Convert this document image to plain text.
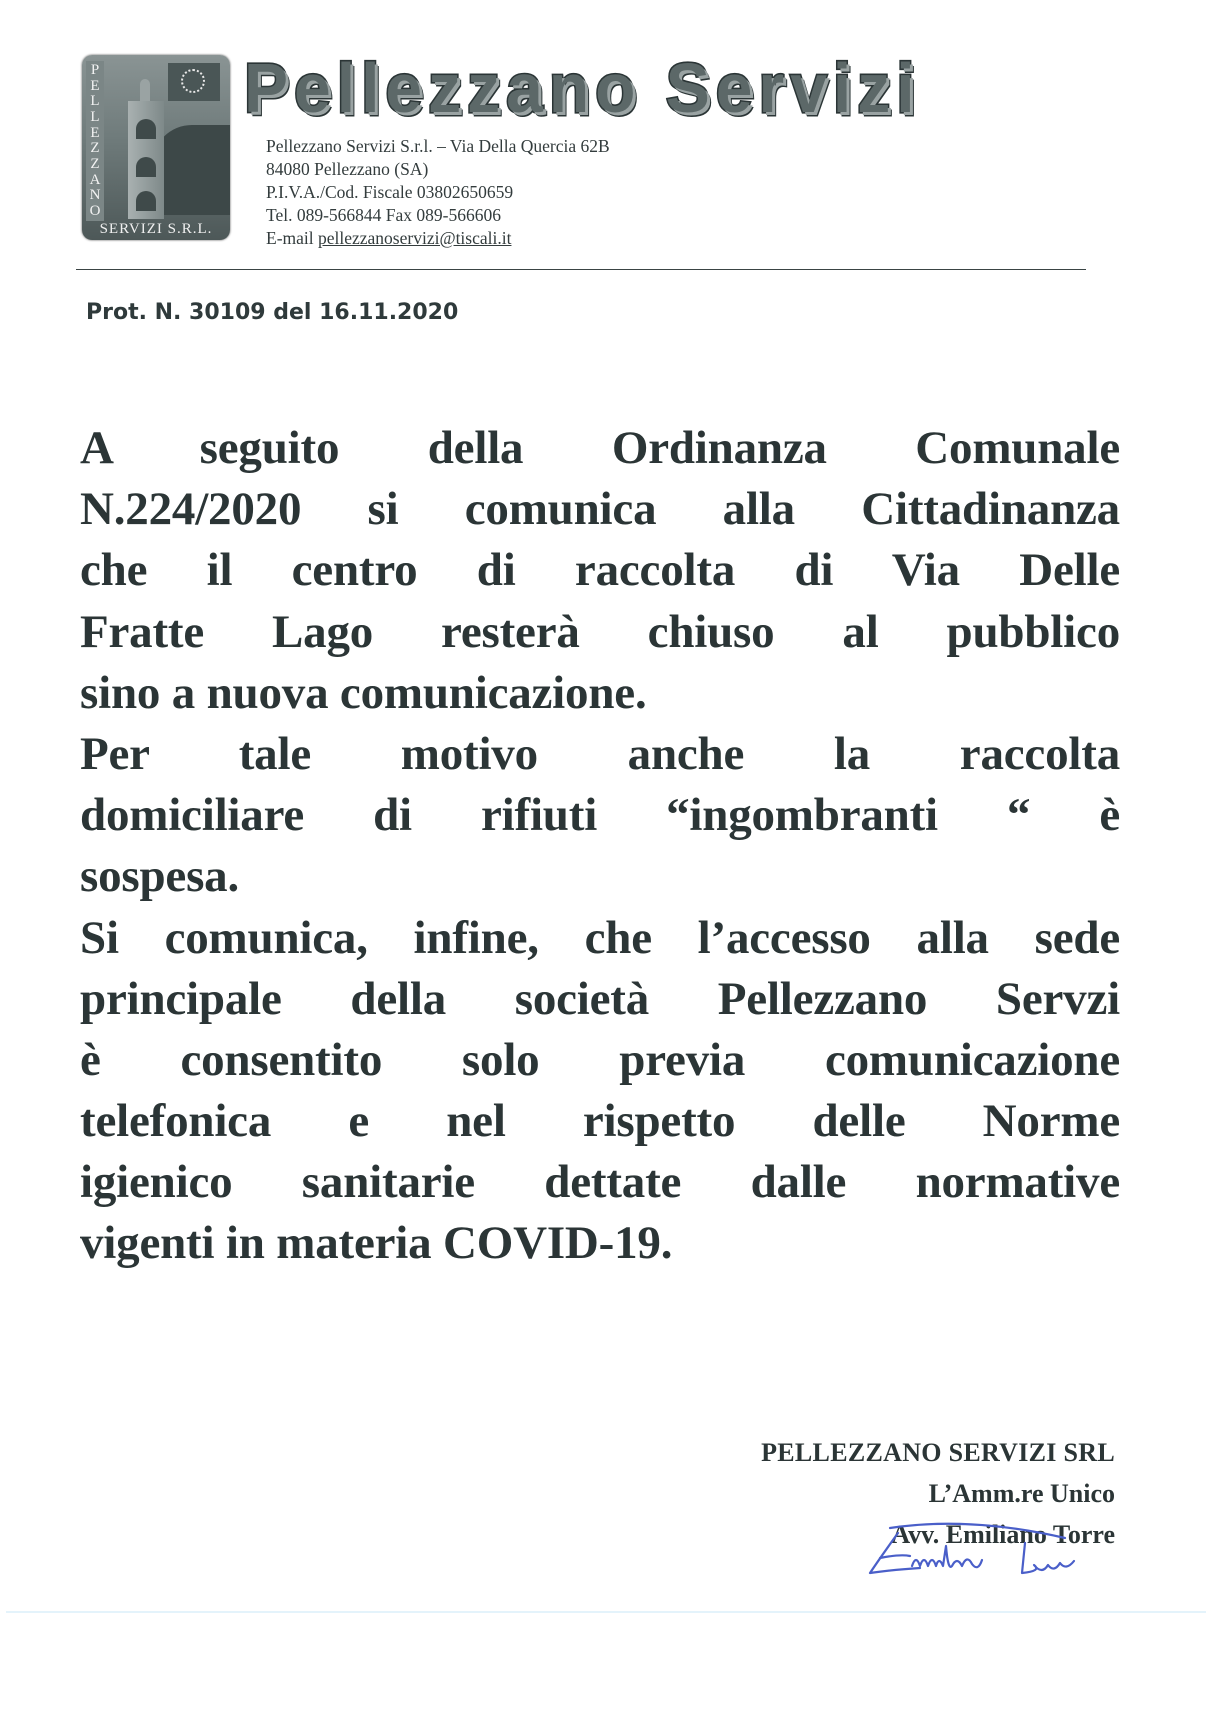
P
E
L
L
E
Z
Z
A
N
O
SERVIZI S.R.L.
Pellezzano Servizi
Pellezzano Servizi S.r.l. – Via Della Quercia 62B
84080 Pellezzano (SA)
P.I.V.A./Cod. Fiscale 03802650659
Tel. 089-566844 Fax 089-566606
E-mail pellezzanoservizi@tiscali.it
Prot. N. 30109 del 16.11.2020
A seguito della Ordinanza Comunale
N.224/2020 si comunica alla Cittadinanza
che il centro di raccolta di Via Delle
Fratte Lago resterà chiuso al pubblico
sino a nuova comunicazione.
Per tale motivo anche la raccolta
domiciliare di rifiuti “ingombranti “ è
sospesa.
Si comunica, infine, che l’accesso alla sede
principale della società Pellezzano Servzi
è consentito solo previa comunicazione
telefonica e nel rispetto delle Norme
igienico sanitarie dettate dalle normative
vigenti in materia COVID-19.
PELLEZZANO SERVIZI SRL
L’Amm.re Unico
Avv. Emiliano Torre
